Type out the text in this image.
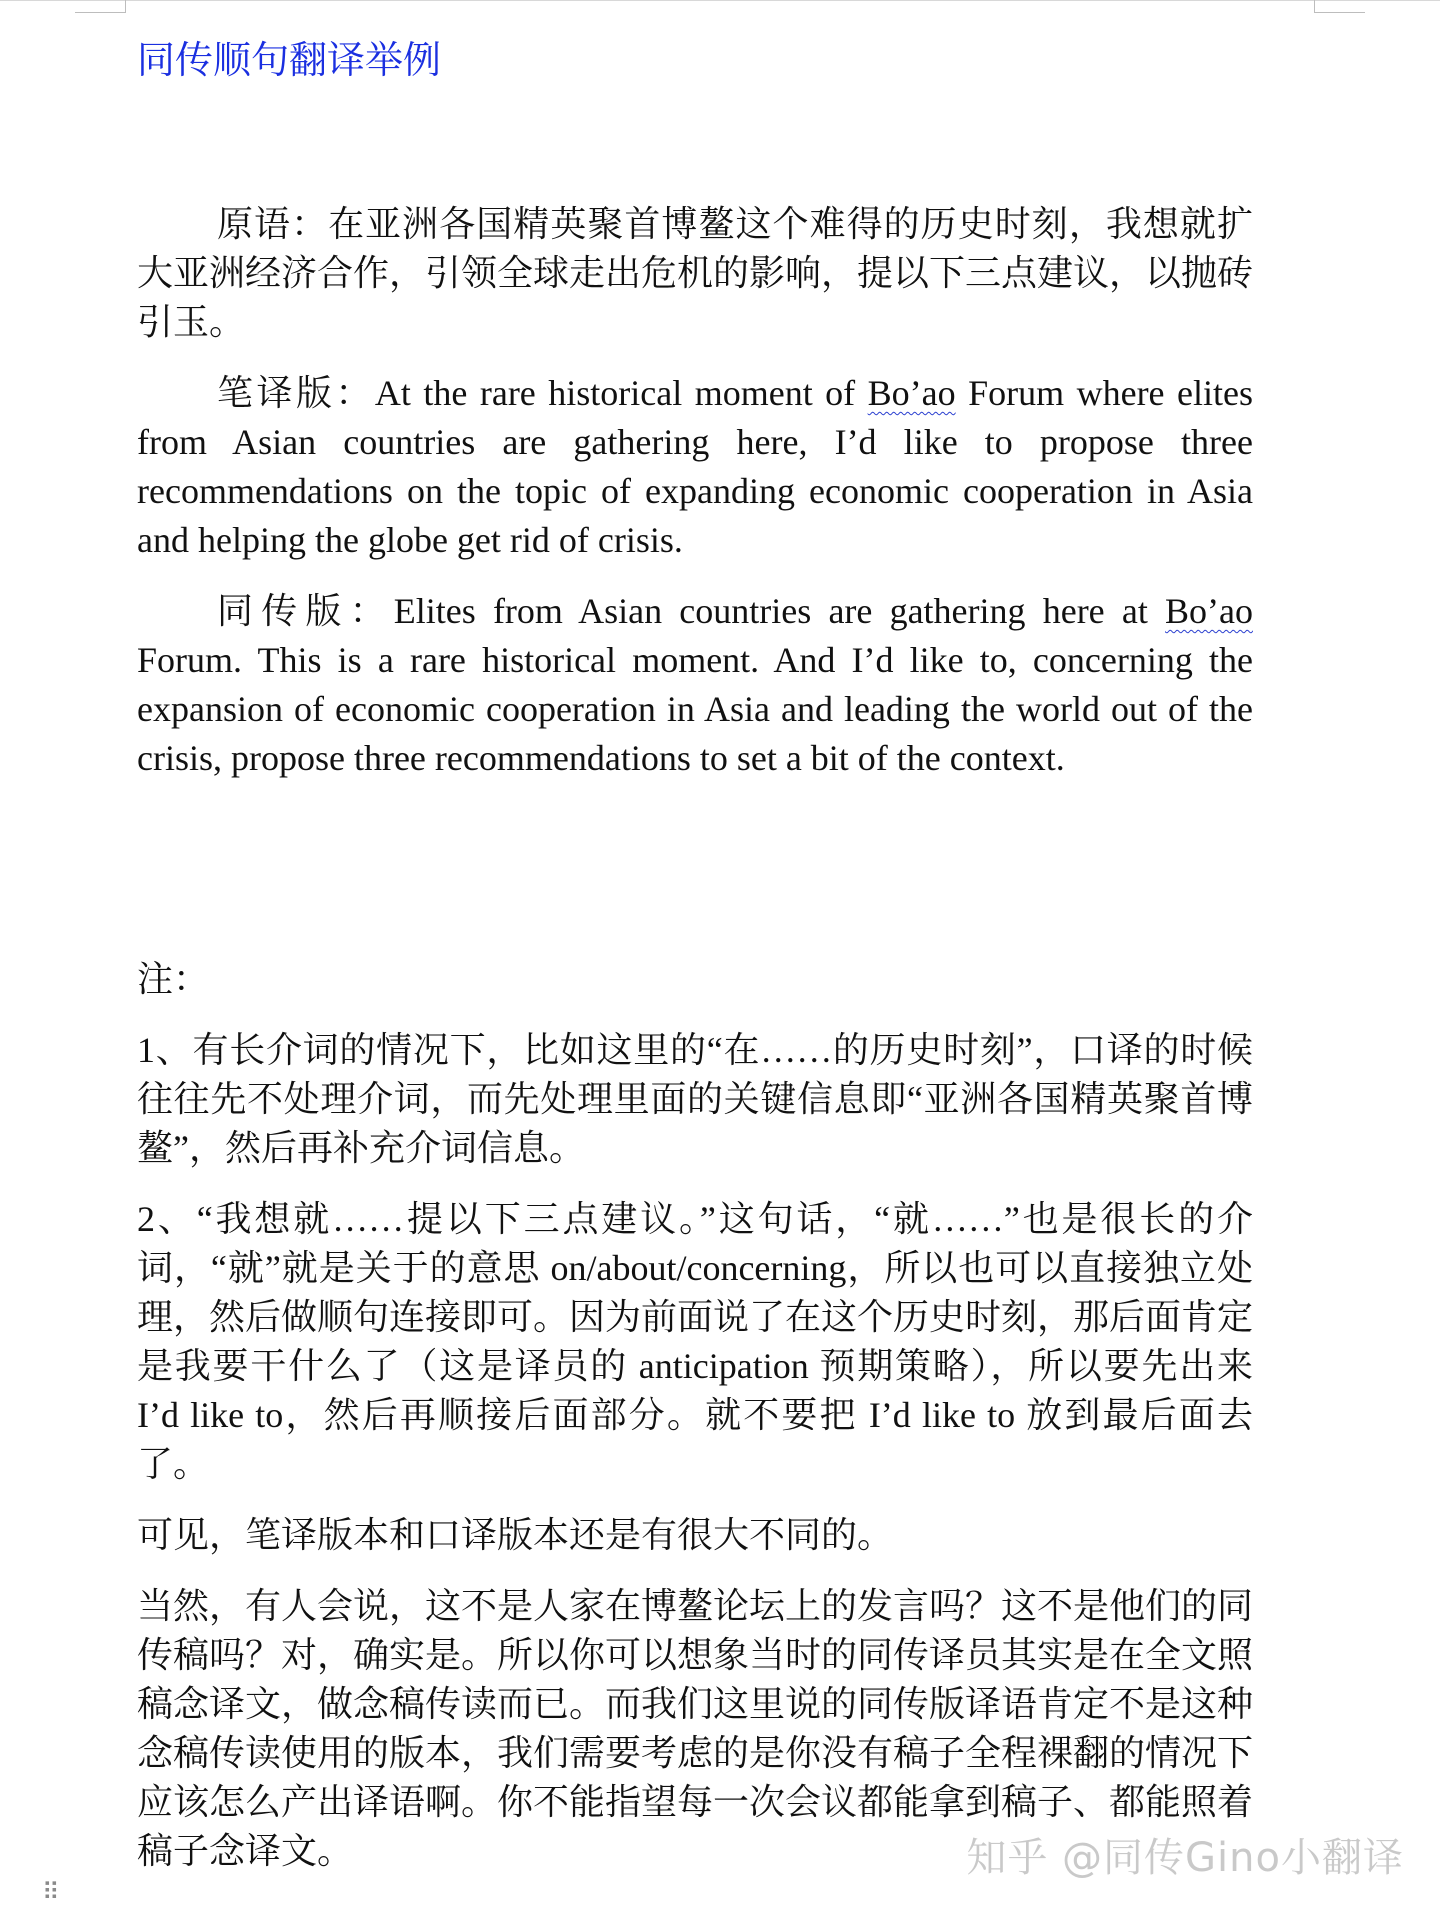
同传顺句翻译举例

原语：在亚洲各国精英聚首博鳌这个难得的历史时刻，我想就扩大亚洲经济合作，引领全球走出危机的影响，提以下三点建议，以抛砖引玉。

笔译版：At the rare historical moment of Bo’ao Forum where elites from Asian countries are gathering here, I’d like to propose three recommendations on the topic of expanding economic cooperation in Asia and helping the globe get rid of crisis.

同传版：Elites from Asian countries are gathering here at Bo’ao Forum. This is a rare historical moment. And I’d like to, concerning the expansion of economic cooperation in Asia and leading the world out of the crisis, propose three recommendations to set a bit of the context.

注：

1、有长介词的情况下，比如这里的“在……的历史时刻”，口译的时候往往先不处理介词，而先处理里面的关键信息即“亚洲各国精英聚首博鳌”，然后再补充介词信息。

2、“我想就……提以下三点建议。”这句话，“就……”也是很长的介词，“就”就是关于的意思 on/about/concerning，所以也可以直接独立处理，然后做顺句连接即可。因为前面说了在这个历史时刻，那后面肯定是我要干什么了（这是译员的 anticipation 预期策略），所以要先出来 I’d like to，然后再顺接后面部分。就不要把 I’d like to 放到最后面去了。

可见，笔译版本和口译版本还是有很大不同的。

当然，有人会说，这不是人家在博鳌论坛上的发言吗？这不是他们的同传稿吗？对，确实是。所以你可以想象当时的同传译员其实是在全文照稿念译文，做念稿传读而已。而我们这里说的同传版译语肯定不是这种念稿传读使用的版本，我们需要考虑的是你没有稿子全程裸翻的情况下应该怎么产出译语啊。你不能指望每一次会议都能拿到稿子、都能照着稿子念译文。	知乎 @同传Gino小翻译
⠿
